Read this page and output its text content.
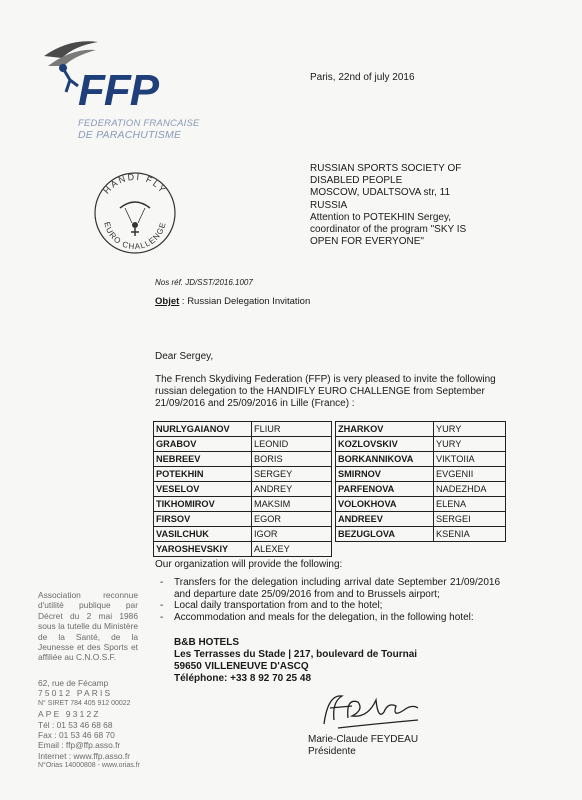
FFP
FEDERATION FRANCAISE
DE PARACHUTISME
HANDI FLY
EURO CHALLENGE
Paris, 22nd of july 2016
RUSSIAN SPORTS SOCIETY OF
DISABLED PEOPLE
MOSCOW, UDALTSOVA str, 11
RUSSIA
Attention to POTEKHIN Sergey,
coordinator of the program "SKY IS
OPEN FOR EVERYONE"
Nos réf. JD/SST/2016.1007
Objet : Russian Delegation Invitation
Dear Sergey,
The French Skydiving Federation (FFP) is very pleased to invite the following russian delegation to the HANDIFLY EURO CHALLENGE from September 21/09/2016 and 25/09/2016 in Lille (France) :
NURLYGAIANOV	FLIUR
GRABOV	LEONID
NEBREEV	BORIS
POTEKHIN	SERGEY
VESELOV	ANDREY
TIKHOMIROV	MAKSIM
FIRSOV	EGOR
VASILCHUK	IGOR
YAROSHEVSKIY	ALEXEY
ZHARKOV	YURY
KOZLOVSKIV	YURY
BORKANNIKOVA	VIKTOIIA
SMIRNOV	EVGENII
PARFENOVA	NADEZHDA
VOLOKHOVA	ELENA
ANDREEV	SERGEI
BEZUGLOVA	KSENIA
Our organization will provide the following:
- Transfers for the delegation including arrival date September 21/09/2016 and departure date 25/09/2016 from and to Brussels airport;
- Local daily transportation from and to the hotel;
- Accommodation and meals for the delegation, in the following hotel:
B&B HOTELS
Les Terrasses du Stade | 217, boulevard de Tournai
59650 VILLENEUVE D'ASCQ
Téléphone: +33 8 92 70 25 48
Association reconnue d'utilité publique par Décret du 2 mai 1986 sous la tutelle du Ministère de la Santé, de la Jeunesse et des Sports et affiliée au C.N.O.S.F.
62, rue de Fécamp
75012 PARIS
N° SIRET 784 405 912 00022
APE 9312Z
Tél : 01 53 46 68 68
Fax : 01 53 46 68 70
Email : ffp@ffp.asso.fr
Internet : www.ffp.asso.fr
N°Orias 14000808 - www.orias.fr
Marie-Claude FEYDEAU
Présidente
